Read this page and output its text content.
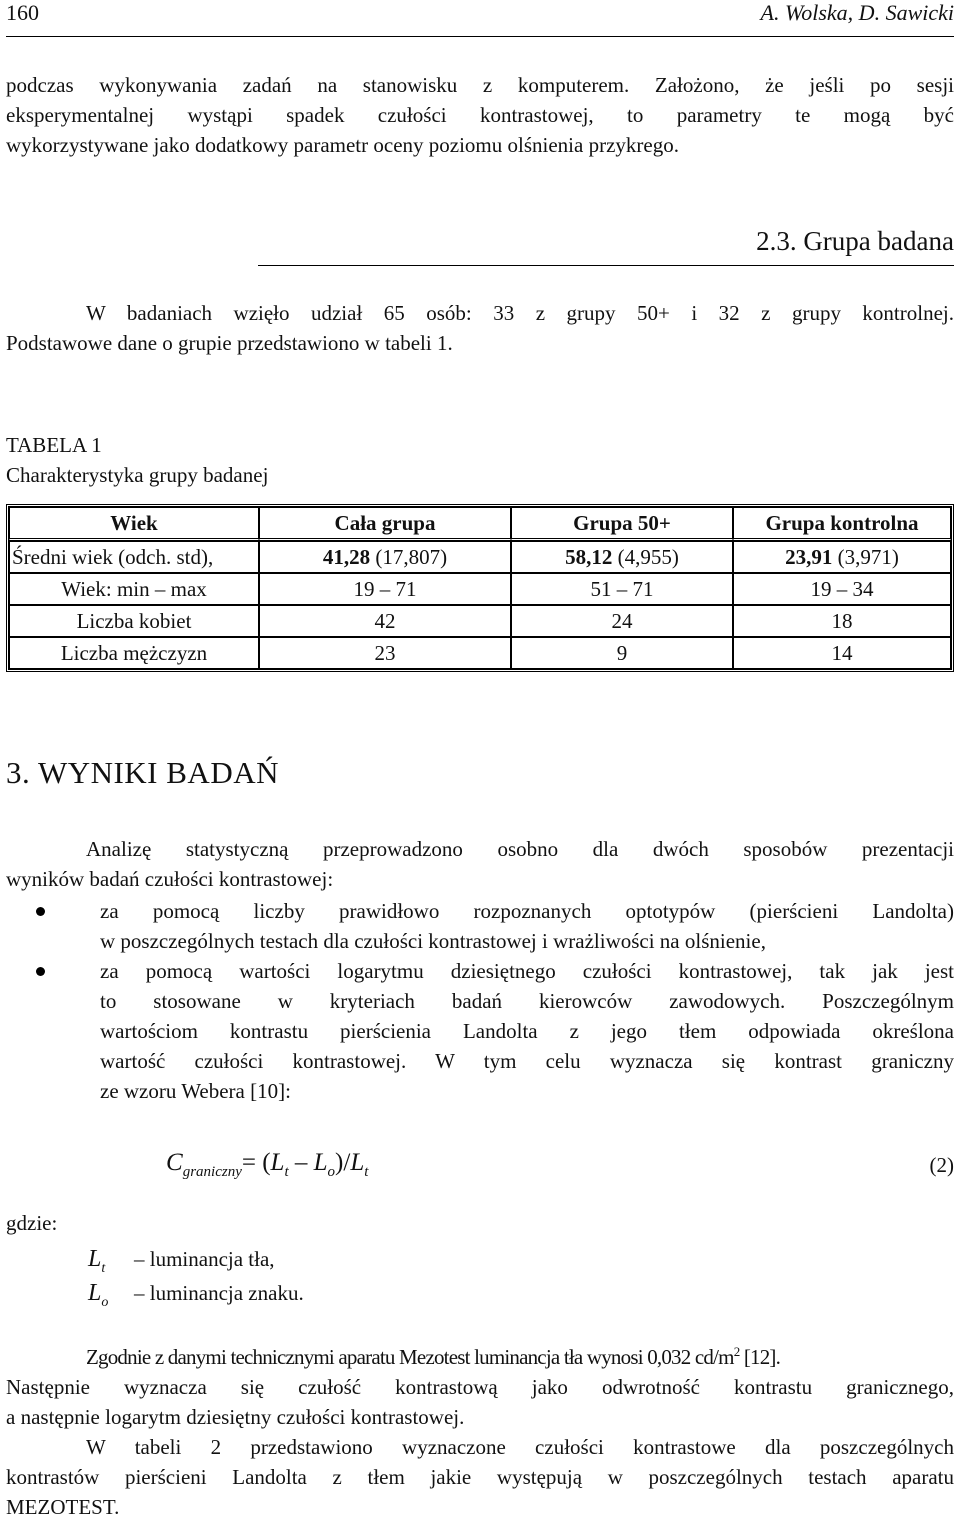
160	A. Wolska, D. Sawicki
podczas wykonywania zadań na stanowisku z komputerem. Założono, że jeśli po sesji
eksperymentalnej wystąpi spadek czułości kontrastowej, to parametry te mogą być
wykorzystywane jako dodatkowy parametr oceny poziomu olśnienia przykrego.
2.3. Grupa badana
W badaniach wzięło udział 65 osób: 33 z grupy 50+ i 32 z grupy kontrolnej.
Podstawowe dane o grupie przedstawiono w tabeli 1.
TABELA 1
Charakterystyka grupy badanej
Wiek	Cała grupa	Grupa 50+	Grupa kontrolna
Średni wiek (odch. std),	41,28 (17,807)	58,12 (4,955)	23,91 (3,971)
Wiek: min – max	19 – 71	51 – 71	19 – 34
Liczba kobiet	42	24	18
Liczba mężczyzn	23	9	14
3. WYNIKI BADAŃ
Analizę statystyczną przeprowadzono osobno dla dwóch sposobów prezentacji
wyników badań czułości kontrastowej:
za pomocą liczby prawidłowo rozpoznanych optotypów (pierścieni Landolta)
w poszczególnych testach dla czułości kontrastowej i wrażliwości na olśnienie,
za pomocą wartości logarytmu dziesiętnego czułości kontrastowej, tak jak jest
to stosowane w kryteriach badań kierowców zawodowych. Poszczególnym
wartościom kontrastu pierścienia Landolta z jego tłem odpowiada określona
wartość czułości kontrastowej. W tym celu wyznacza się kontrast graniczny
ze wzoru Webera [10]:
$C_{graniczny}= (L_t - L_o)/L_t$	(2)
gdzie:
$L_t$ – luminancja tła,
$L_o$ – luminancja znaku.
Zgodnie z danymi technicznymi aparatu Mezotest luminancja tła wynosi 0,032 $cd/m^2$ [12].
Następnie wyznacza się czułość kontrastową jako odwrotność kontrastu granicznego,
a następnie logarytm dziesiętny czułości kontrastowej.
W tabeli 2 przedstawiono wyznaczone czułości kontrastowe dla poszczególnych
kontrastów pierścieni Landolta z tłem jakie występują w poszczególnych testach aparatu
MEZOTEST.
